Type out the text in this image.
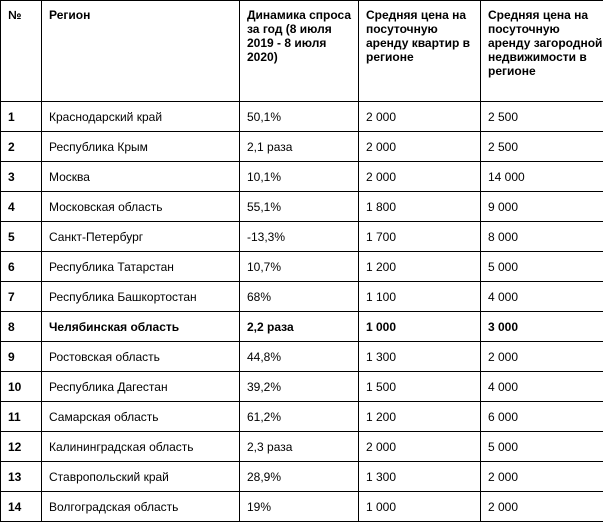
№	Регион	Динамика спроса за год (8 июля 2019 - 8 июля 2020)	Средняя цена на посуточную аренду квартир в регионе	Средняя цена на посуточную аренду загородной недвижимости в регионе
1	Краснодарский край	50,1%	2 000	2 500
2	Республика Крым	2,1 раза	2 000	2 500
3	Москва	10,1%	2 000	14 000
4	Московская область	55,1%	1 800	9 000
5	Санкт-Петербург	-13,3%	1 700	8 000
6	Республика Татарстан	10,7%	1 200	5 000
7	Республика Башкортостан	68%	1 100	4 000
8	Челябинская область	2,2 раза	1 000	3 000
9	Ростовская область	44,8%	1 300	2 000
10	Республика Дагестан	39,2%	1 500	4 000
11	Самарская область	61,2%	1 200	6 000
12	Калининградская область	2,3 раза	2 000	5 000
13	Ставропольский край	28,9%	1 300	2 000
14	Волгоградская область	19%	1 000	2 000
